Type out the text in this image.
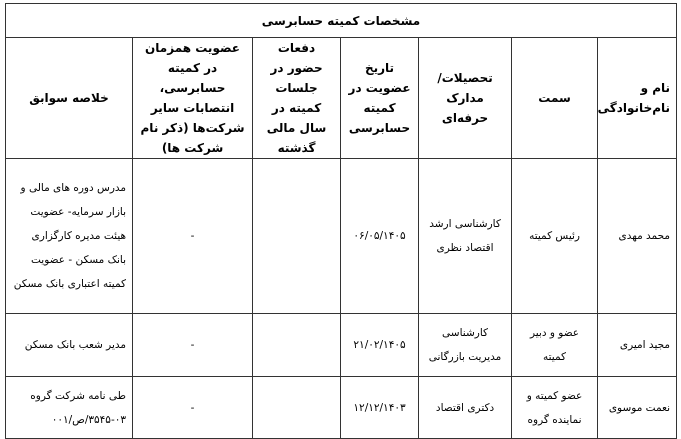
مشخصات کمیته حسابرسی						
نام و نام‌خانوادگی	سمت	تحصیلات/مدارک حرفه‌ای	تاریخ عضویت در کمیته حسابرسی	دفعات حضور در جلسات کمیته در سال مالی گذشته	عضویت همزمان در کمیته حسابرسی، انتصابات سایر شرکت‌ها (ذکر نام شرکت ها)	خلاصه سوابق
محمد مهدی	رئیس کمیته	کارشناسی ارشد اقتصاد نظری	۰۶/۰۵/۱۴۰۵		-	مدرس دوره های مالی و بازار سرمایه- عضویت هیئت مدیره کارگزاری بانک مسکن - عضویت کمیته اعتباری بانک مسکن
مجید امیری	عضو و دبیر کمیته	کارشناسی مدیریت بازرگانی	۲۱/۰۲/۱۴۰۵		-	مدیر شعب بانک مسکن
نعمت موسوی	عضو کمیته و نماینده گروه	دکتری اقتصاد	۱۲/۱۲/۱۴۰۳		-	طی نامه شرکت گروه ۰۳-۳۵۴۵/ص/۰۰۱
